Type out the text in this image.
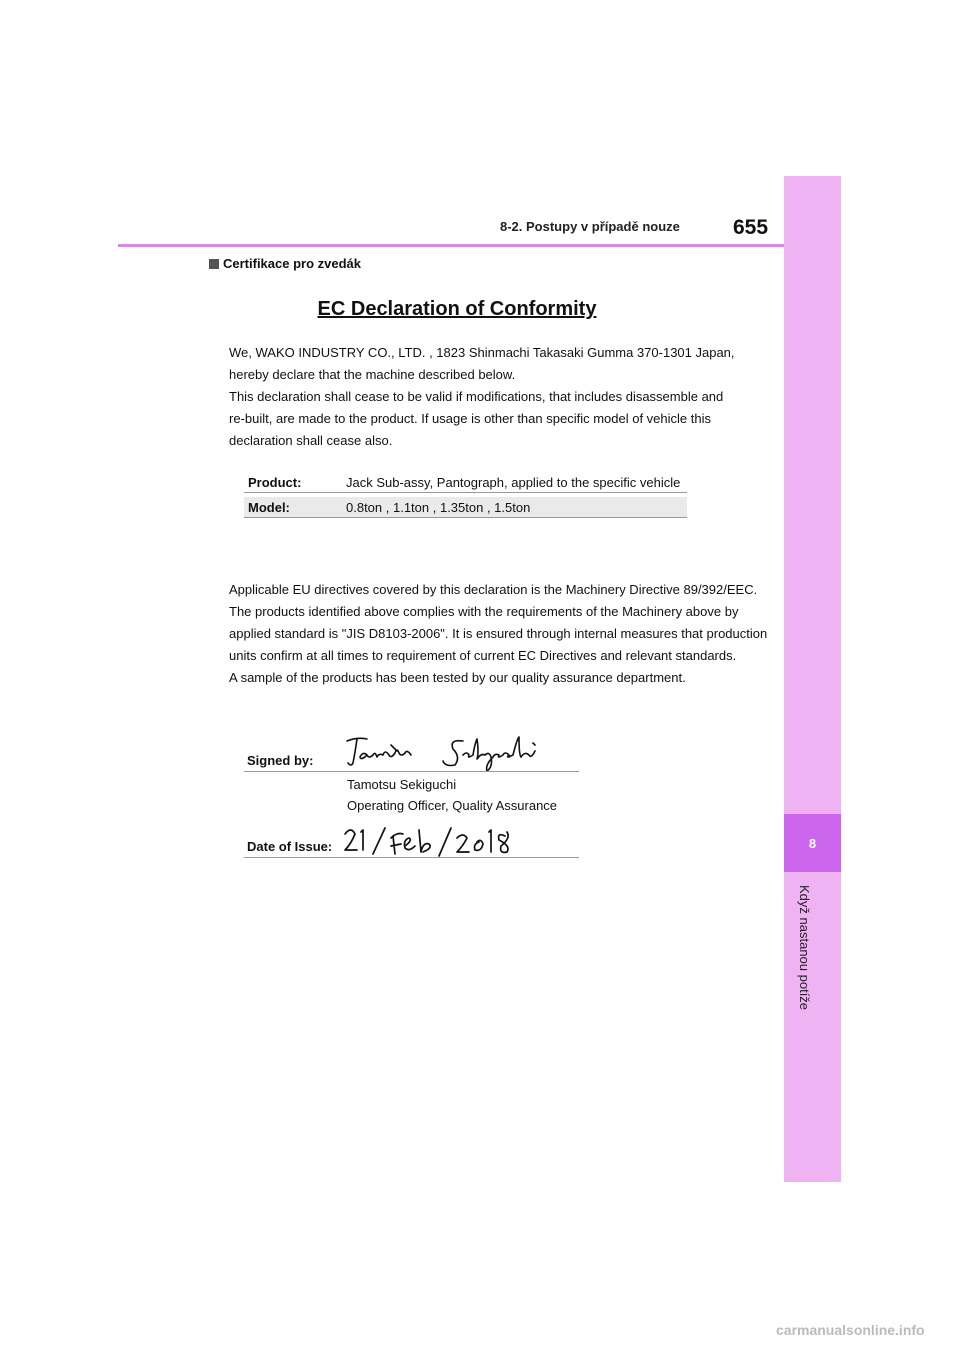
8
Když nastanou potíže
8-2. Postupy v případě nouze	655
Certifikace pro zvedák
EC Declaration of Conformity
We, WAKO INDUSTRY CO., LTD. , 1823 Shinmachi Takasaki Gumma 370-1301 Japan,
hereby declare that the machine described below.
This declaration shall cease to be valid if modifications, that includes disassemble and
re-built, are made to the product. If usage is other than specific model of vehicle this
declaration shall cease also.
Product:	Jack Sub-assy, Pantograph, applied to the specific vehicle
Model:	0.8ton , 1.1ton , 1.35ton , 1.5ton
Applicable EU directives covered by this declaration is the Machinery Directive 89/392/EEC.
The products identified above complies with the requirements of the Machinery above by
applied standard is "JIS D8103-2006". It is ensured through internal measures that production
units confirm at all times to requirement of current EC Directives and relevant standards.
A sample of the products has been tested by our quality assurance department.
Signed by:
Tamotsu Sekiguchi
Operating Officer, Quality Assurance
Date of Issue:
carmanualsonline.info
